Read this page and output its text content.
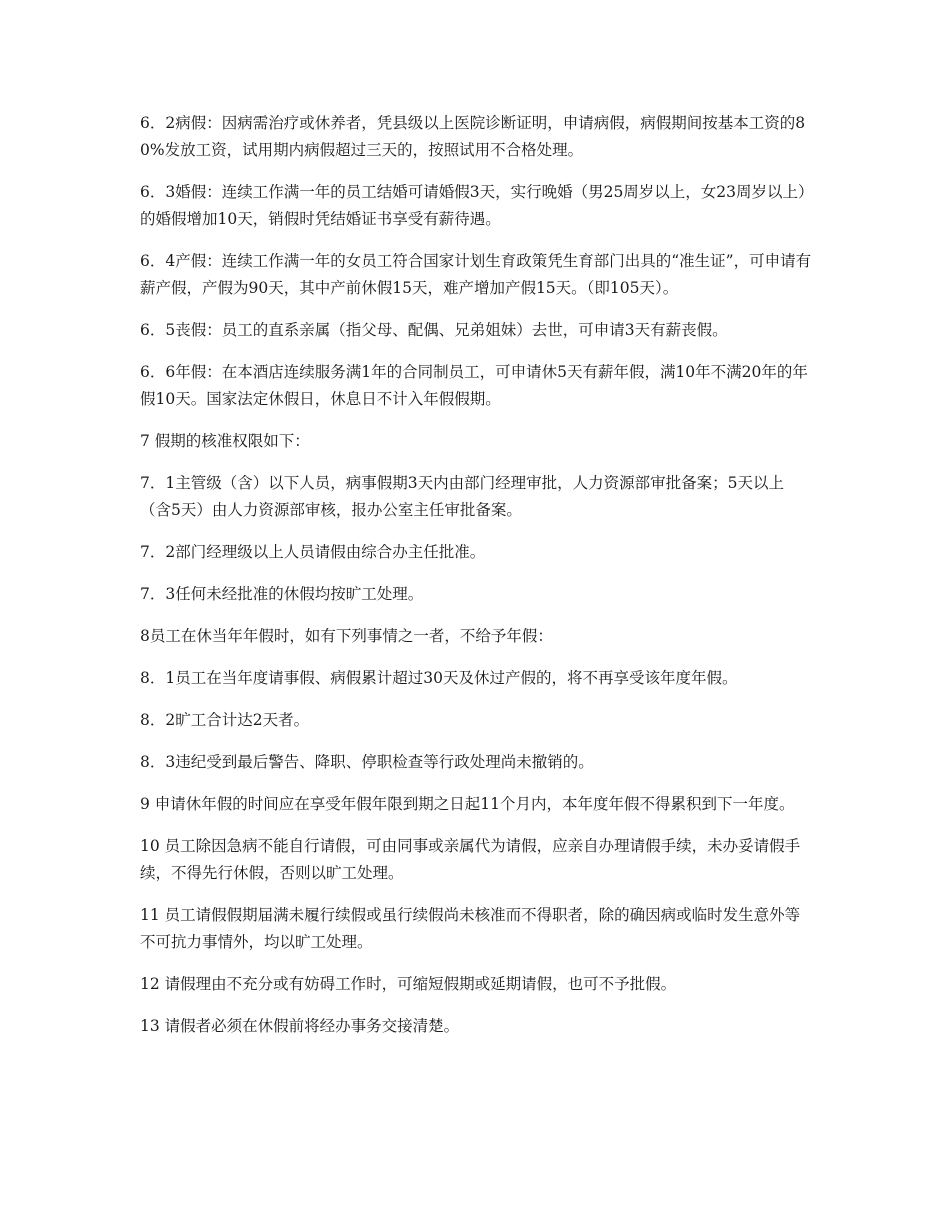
6．2病假：因病需治疗或休养者，凭县级以上医院诊断证明，申请病假，病假期间按基本工资的80%发放工资，试用期内病假超过三天的，按照试用不合格处理。

6．3婚假：连续工作满一年的员工结婚可请婚假3天，实行晚婚（男25周岁以上，女23周岁以上）的婚假增加10天，销假时凭结婚证书享受有薪待遇。

6．4产假：连续工作满一年的女员工符合国家计划生育政策凭生育部门出具的“准生证”，可申请有薪产假，产假为90天，其中产前休假15天，难产增加产假15天。（即105天）。

6．5丧假：员工的直系亲属（指父母、配偶、兄弟姐妹）去世，可申请3天有薪丧假。

6．6年假：在本酒店连续服务满1年的合同制员工，可申请休5天有薪年假，满10年不满20年的年假10天。国家法定休假日，休息日不计入年假假期。

7 假期的核准权限如下：

7．1主管级（含）以下人员，病事假期3天内由部门经理审批，人力资源部审批备案；5天以上（含5天）由人力资源部审核，报办公室主任审批备案。

7．2部门经理级以上人员请假由综合办主任批准。

7．3任何未经批准的休假均按旷工处理。

8员工在休当年年假时，如有下列事情之一者，不给予年假：

8．1员工在当年度请事假、病假累计超过30天及休过产假的，将不再享受该年度年假。

8．2旷工合计达2天者。

8．3违纪受到最后警告、降职、停职检查等行政处理尚未撤销的。

9 申请休年假的时间应在享受年假年限到期之日起11个月内，本年度年假不得累积到下一年度。

10 员工除因急病不能自行请假，可由同事或亲属代为请假，应亲自办理请假手续，未办妥请假手续，不得先行休假，否则以旷工处理。

11 员工请假假期届满未履行续假或虽行续假尚未核准而不得职者，除的确因病或临时发生意外等不可抗力事情外，均以旷工处理。

12 请假理由不充分或有妨碍工作时，可缩短假期或延期请假，也可不予批假。

13 请假者必须在休假前将经办事务交接清楚。
